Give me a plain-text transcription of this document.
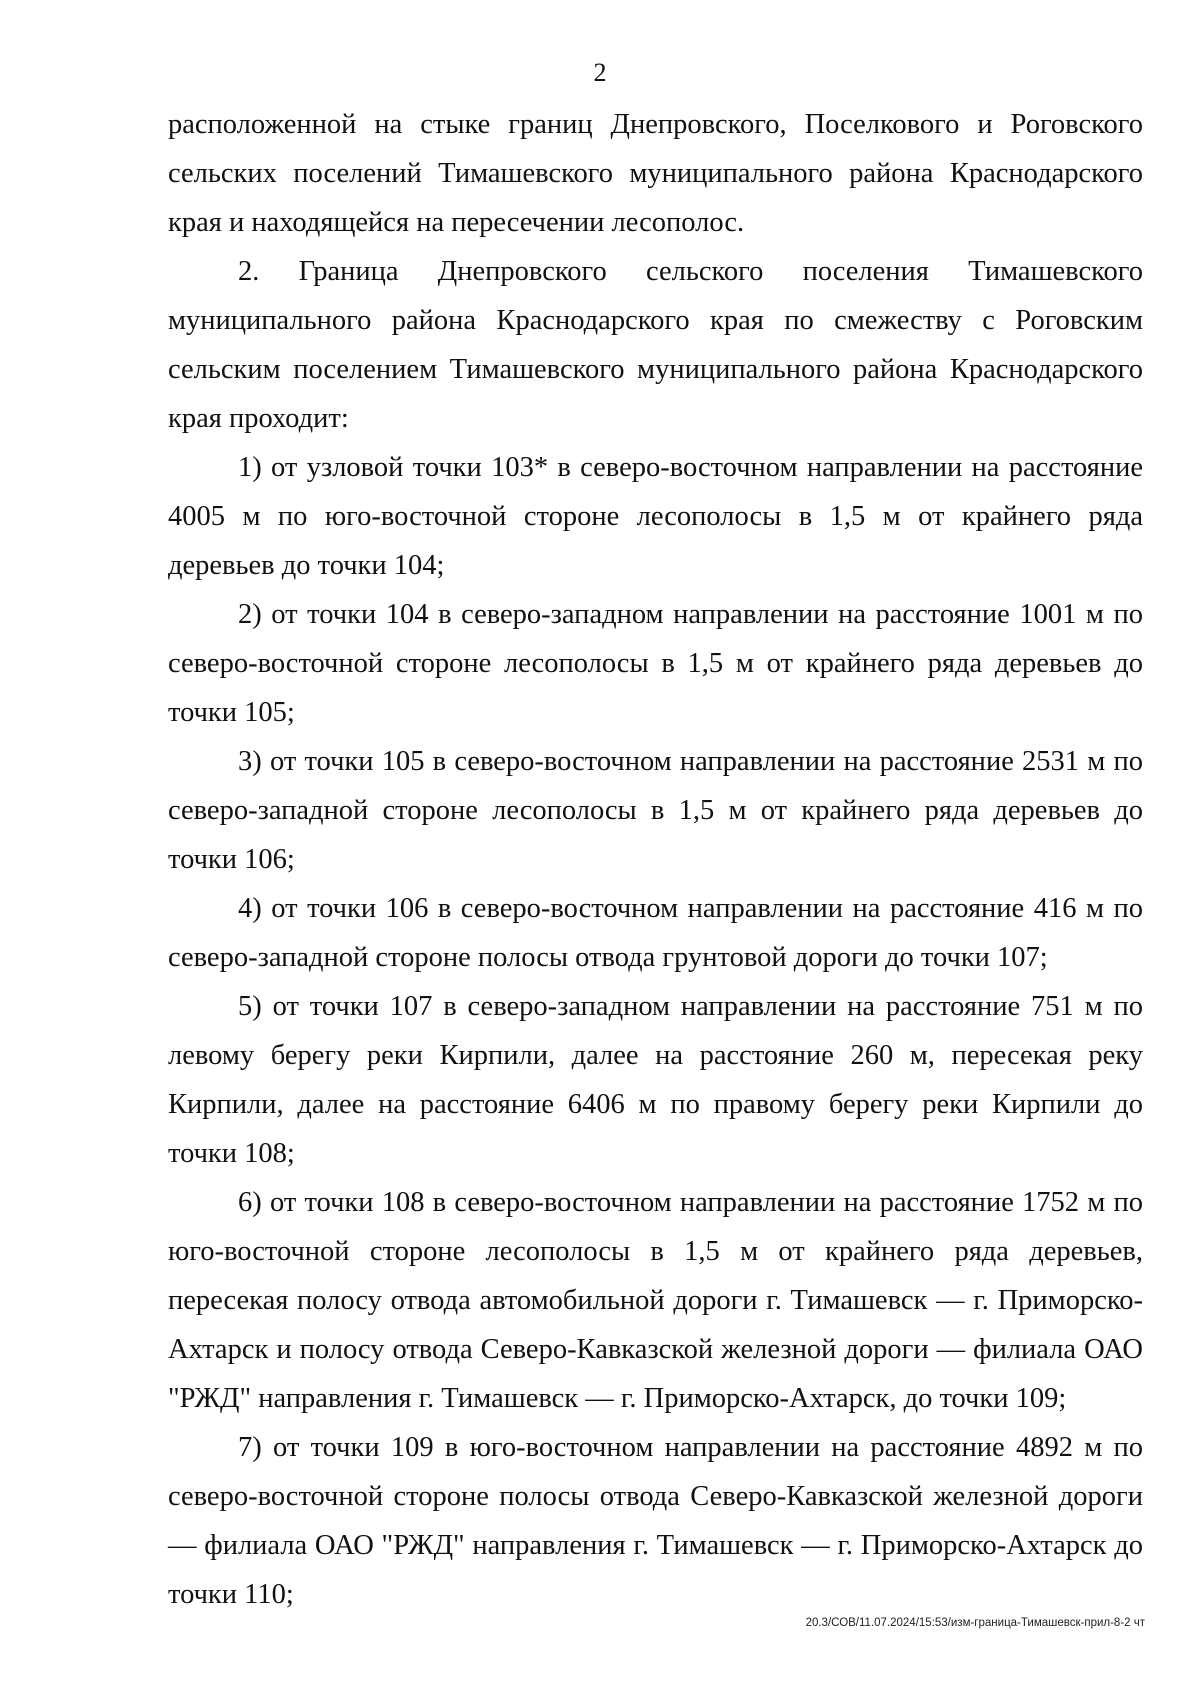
2

расположенной на стыке границ Днепровского, Поселкового и Роговского сельских поселений Тимашевского муниципального района Краснодарского края и находящейся на пересечении лесополос.

2. Граница Днепровского сельского поселения Тимашевского муниципального района Краснодарского края по смежеству с Роговским сельским поселением Тимашевского муниципального района Краснодарского края проходит:

1) от узловой точки 103* в северо-восточном направлении на расстояние 4005 м по юго-восточной стороне лесополосы в 1,5 м от крайнего ряда деревьев до точки 104;

2) от точки 104 в северо-западном направлении на расстояние 1001 м по северо-восточной стороне лесополосы в 1,5 м от крайнего ряда деревьев до точки 105;

3) от точки 105 в северо-восточном направлении на расстояние 2531 м по северо-западной стороне лесополосы в 1,5 м от крайнего ряда деревьев до точки 106;

4) от точки 106 в северо-восточном направлении на расстояние 416 м по северо-западной стороне полосы отвода грунтовой дороги до точки 107;

5) от точки 107 в северо-западном направлении на расстояние 751 м по левому берегу реки Кирпили, далее на расстояние 260 м, пересекая реку Кирпили, далее на расстояние 6406 м по правому берегу реки Кирпили до точки 108;

6) от точки 108 в северо-восточном направлении на расстояние 1752 м по юго-восточной стороне лесополосы в 1,5 м от крайнего ряда деревьев, пересекая полосу отвода автомобильной дороги г. Тимашевск — г. Приморско-Ахтарск и полосу отвода Северо-Кавказской железной дороги — филиала ОАО "РЖД" направления г. Тимашевск — г. Приморско-Ахтарск, до точки 109;

7) от точки 109 в юго-восточном направлении на расстояние 4892 м по северо-восточной стороне полосы отвода Северо-Кавказской железной дороги — филиала ОАО "РЖД" направления г. Тимашевск — г. Приморско-Ахтарск до точки 110;

20.3/СОВ/11.07.2024/15:53/изм-граница-Тимашевск-прил-8-2 чт
